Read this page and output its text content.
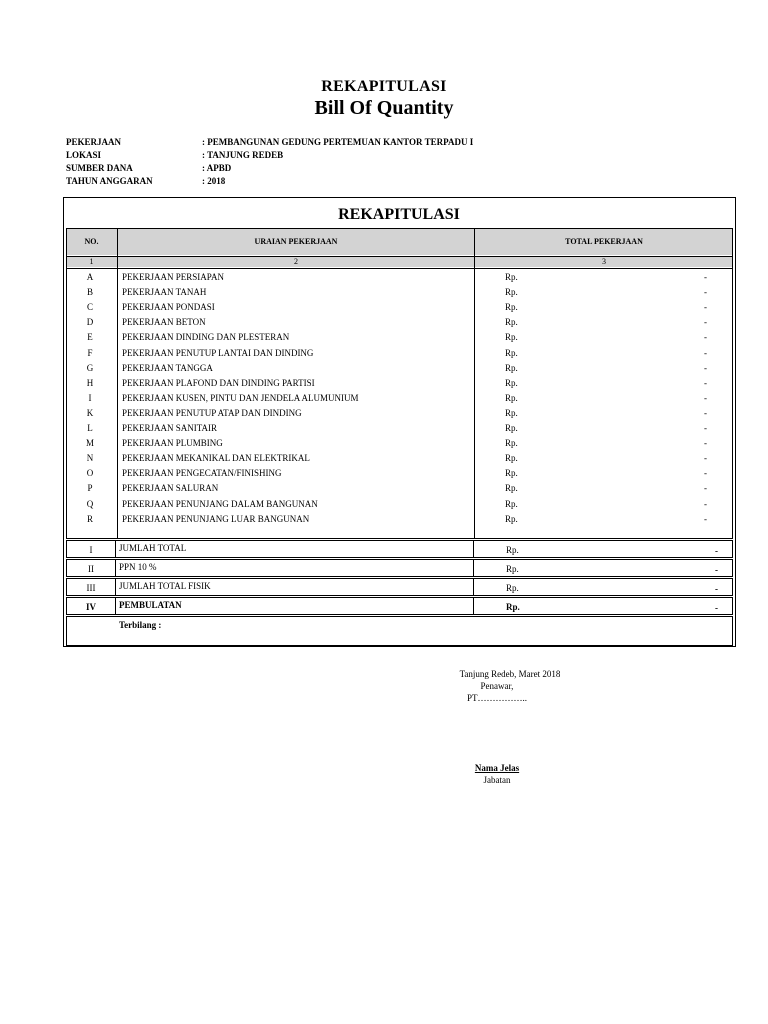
REKAPITULASI
Bill Of Quantity
PEKERJAAN	: PEMBANGUNAN GEDUNG PERTEMUAN KANTOR TERPADU I
LOKASI	: TANJUNG REDEB
SUMBER DANA	: APBD
TAHUN ANGGARAN	: 2018
REKAPITULASI
NO.	URAIAN PEKERJAAN	TOTAL PEKERJAAN
1	2	3
A	PEKERJAAN PERSIAPAN	Rp.	-
B	PEKERJAAN TANAH	Rp.	-
C	PEKERJAAN PONDASI	Rp.	-
D	PEKERJAAN BETON	Rp.	-
E	PEKERJAAN DINDING DAN PLESTERAN	Rp.	-
F	PEKERJAAN PENUTUP LANTAI DAN DINDING	Rp.	-
G	PEKERJAAN TANGGA	Rp.	-
H	PEKERJAAN PLAFOND DAN DINDING PARTISI	Rp.	-
I	PEKERJAAN KUSEN, PINTU DAN JENDELA ALUMUNIUM	Rp.	-
K	PEKERJAAN PENUTUP ATAP DAN DINDING	Rp.	-
L	PEKERJAAN SANITAIR	Rp.	-
M	PEKERJAAN PLUMBING	Rp.	-
N	PEKERJAAN MEKANIKAL DAN ELEKTRIKAL	Rp.	-
O	PEKERJAAN PENGECATAN/FINISHING	Rp.	-
P	PEKERJAAN SALURAN	Rp.	-
Q	PEKERJAAN PENUNJANG DALAM BANGUNAN	Rp.	-
R	PEKERJAAN PENUNJANG LUAR BANGUNAN	Rp.	-
I	JUMLAH TOTAL	Rp.	-
II	PPN 10 %	Rp.	-
III	JUMLAH TOTAL FISIK	Rp.	-
IV	PEMBULATAN	Rp.	-
Terbilang :
Tanjung Redeb, Maret 2018
Penawar,
PT……………..
Nama Jelas
Jabatan
